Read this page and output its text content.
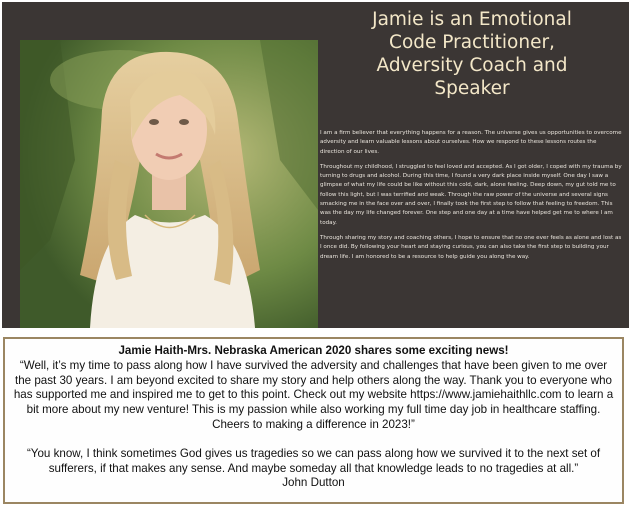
Jamie is an Emotional
Code Practitioner,
Adversity Coach and
Speaker

I am a firm believer that everything happens for a reason. The universe gives us opportunities to overcome adversity and learn valuable lessons about ourselves. How we respond to these lessons routes the direction of our lives.

Throughout my childhood, I struggled to feel loved and accepted. As I got older, I coped with my trauma by turning to drugs and alcohol. During this time, I found a very dark place inside myself. One day I saw a glimpse of what my life could be like without this cold, dark, alone feeling. Deep down, my gut told me to follow this light, but I was terrified and weak. Through the raw power of the universe and several signs smacking me in the face over and over, I finally took the first step to follow that feeling to freedom. This was the day my life changed forever. One step and one day at a time have helped get me to where I am today.

Through sharing my story and coaching others, I hope to ensure that no one ever feels as alone and lost as I once did. By following your heart and staying curious, you can also take the first step to building your dream life. I am honored to be a resource to help guide you along the way.

Jamie Haith-Mrs. Nebraska American 2020 shares some exciting news!

“Well, it’s my time to pass along how I have survived the adversity and challenges that have been given to me over the past 30 years. I am beyond excited to share my story and help others along the way. Thank you to everyone who has supported me and inspired me to get to this point. Check out my website https://www.jamiehaithllc.com to learn a bit more about my new venture! This is my passion while also working my full time day job in healthcare staffing. Cheers to making a difference in 2023!”

“You know, I think sometimes God gives us tragedies so we can pass along how we survived it to the next set of sufferers, if that makes any sense. And maybe someday all that knowledge leads to no tragedies at all.”

John Dutton
